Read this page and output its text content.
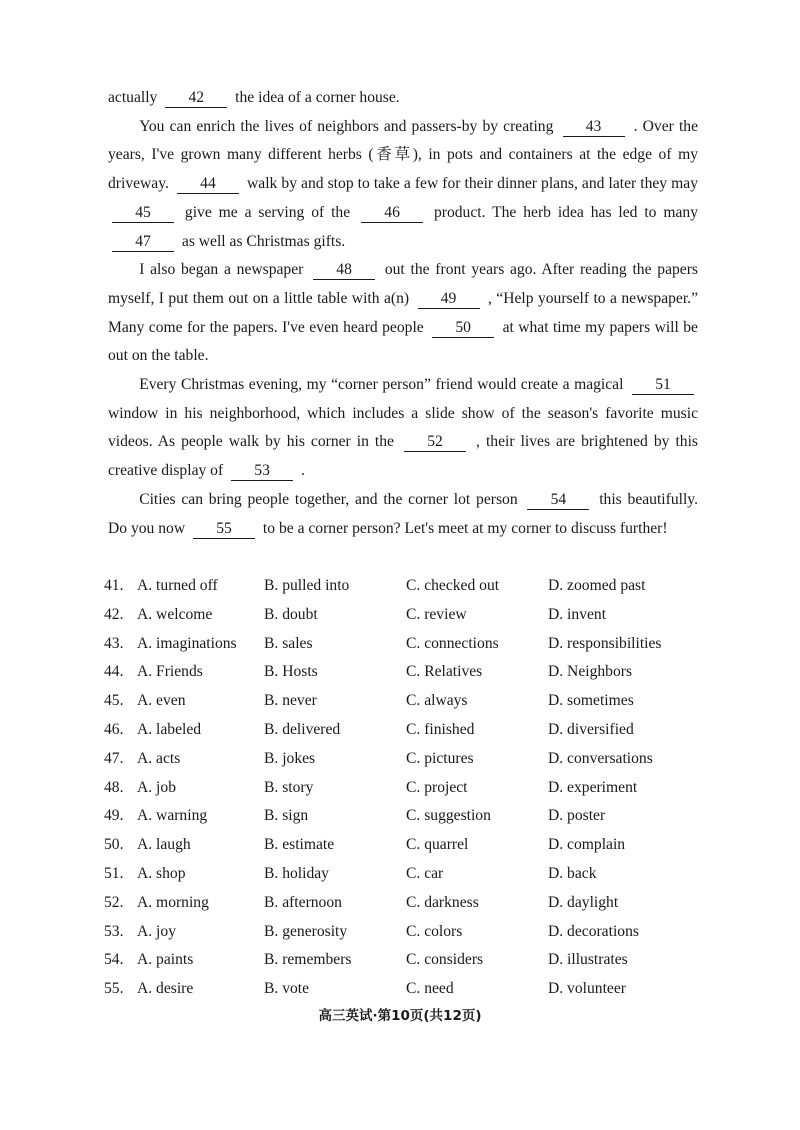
actually 42 the idea of a corner house.

You can enrich the lives of neighbors and passers-by by creating 43 . Over the years, I've grown many different herbs (香草), in pots and containers at the edge of my driveway. 44 walk by and stop to take a few for their dinner plans, and later they may 45 give me a serving of the 46 product. The herb idea has led to many 47 as well as Christmas gifts.

I also began a newspaper 48 out the front years ago. After reading the papers myself, I put them out on a little table with a(n) 49 , “Help yourself to a newspaper.” Many come for the papers. I've even heard people 50 at what time my papers will be out on the table.

Every Christmas evening, my “corner person” friend would create a magical 51 window in his neighborhood, which includes a slide show of the season's favorite music videos. As people walk by his corner in the 52 , their lives are brightened by this creative display of 53 .

Cities can bring people together, and the corner lot person 54 this beautifully. Do you now 55 to be a corner person? Let's meet at my corner to discuss further!

41. A. turned off	B. pulled into	C. checked out	D. zoomed past
42. A. welcome	B. doubt	C. review	D. invent
43. A. imaginations B. sales	C. connections	D. responsibilities
44. A. Friends	B. Hosts	C. Relatives	D. Neighbors
45. A. even	B. never	C. always	D. sometimes
46. A. labeled	B. delivered	C. finished	D. diversified
47. A. acts	B. jokes	C. pictures	D. conversations
48. A. job	B. story	C. project	D. experiment
49. A. warning	B. sign	C. suggestion	D. poster
50. A. laugh	B. estimate	C. quarrel	D. complain
51. A. shop	B. holiday	C. car	D. back
52. A. morning	B. afternoon	C. darkness	D. daylight
53. A. joy	B. generosity	C. colors	D. decorations
54. A. paints	B. remembers	C. considers	D. illustrates
55. A. desire	B. vote	C. need	D. volunteer
高三英试·第10页(共12页)
